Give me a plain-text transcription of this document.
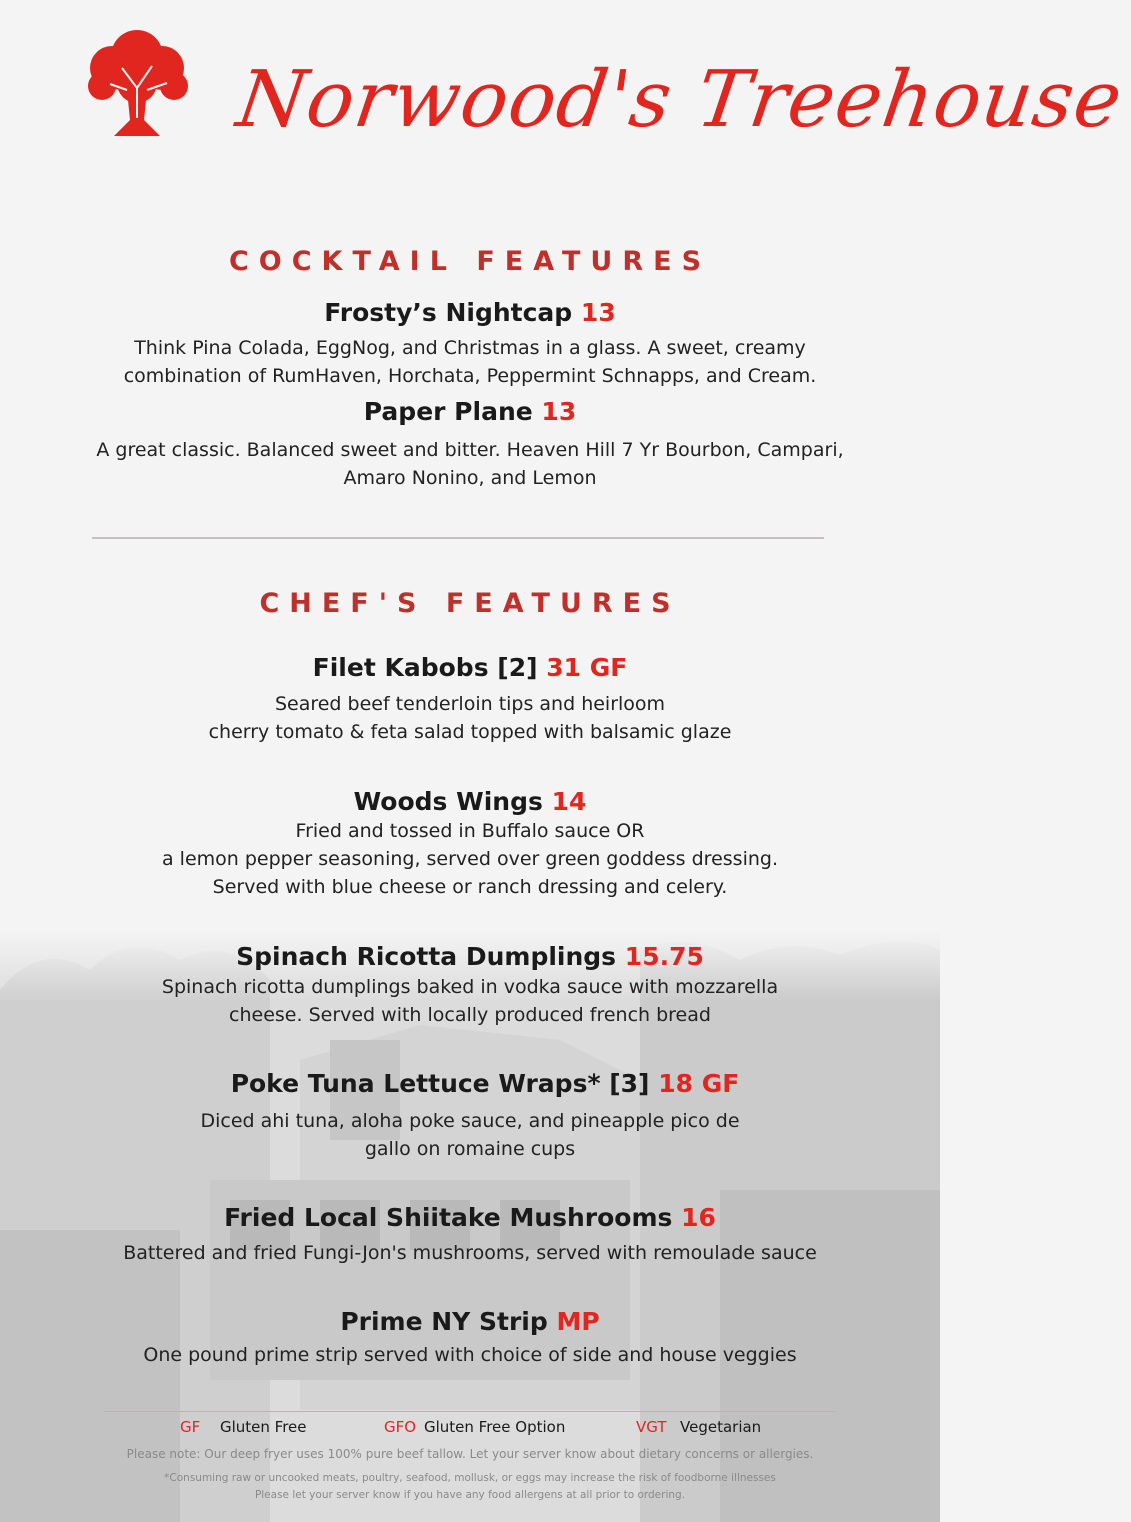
Norwood's Treehouse
COCKTAIL FEATURES
Frosty’s Nightcap 13
Think Pina Colada, EggNog, and Christmas in a glass. A sweet, creamy
combination of RumHaven, Horchata, Peppermint Schnapps, and Cream.
Paper Plane 13
A great classic. Balanced sweet and bitter. Heaven Hill 7 Yr Bourbon, Campari,
Amaro Nonino, and Lemon
CHEF'S FEATURES
Filet Kabobs [2] 31 GF
Seared beef tenderloin tips and heirloom
cherry tomato & feta salad topped with balsamic glaze
Woods Wings 14
Fried and tossed in Buffalo sauce OR
a lemon pepper seasoning, served over green goddess dressing.
Served with blue cheese or ranch dressing and celery.
Spinach Ricotta Dumplings 15.75
Spinach ricotta dumplings baked in vodka sauce with mozzarella
cheese. Served with locally produced french bread
Poke Tuna Lettuce Wraps* [3] 18 GF
Diced ahi tuna, aloha poke sauce, and pineapple pico de
gallo on romaine cups
Fried Local Shiitake Mushrooms 16
Battered and fried Fungi-Jon's mushrooms, served with remoulade sauce
Prime NY Strip MP
One pound prime strip served with choice of side and house veggies
GF Gluten Free	GFO Gluten Free Option	VGT Vegetarian
Please note: Our deep fryer uses 100% pure beef tallow. Let your server know about dietary concerns or allergies.
*Consuming raw or uncooked meats, poultry, seafood, mollusk, or eggs may increase the risk of foodborne illnesses
Please let your server know if you have any food allergens at all prior to ordering.
